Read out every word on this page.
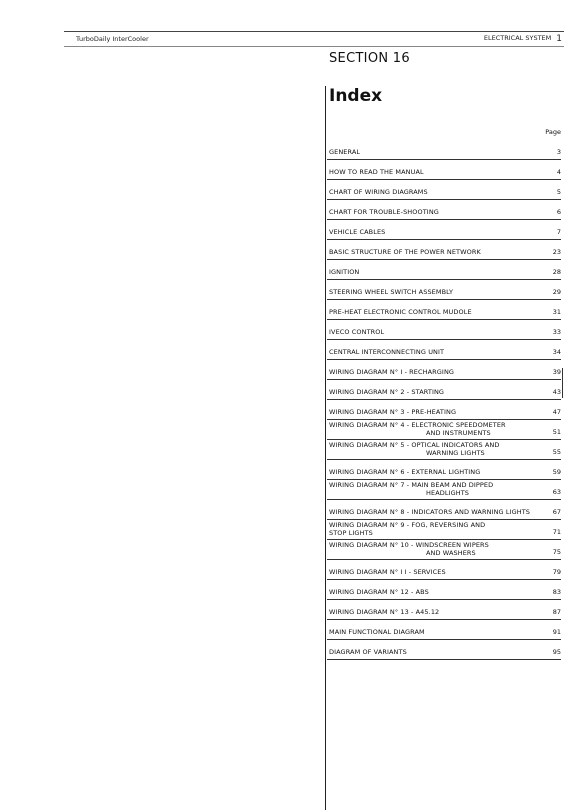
TurboDaily InterCooler	ELECTRICAL SYSTEM 1
SECTION 16
Index
Page
GENERAL	3
HOW TO READ THE MANUAL	4
CHART OF WIRING DIAGRAMS	5
CHART FOR TROUBLE-SHOOTING	6
VEHICLE CABLES	7
BASIC STRUCTURE OF THE POWER NETWORK	23
IGNITION	28
STEERING WHEEL SWITCH ASSEMBLY	29
PRE-HEAT ELECTRONIC CONTROL MUDOLE	31
IVECO CONTROL	33
CENTRAL INTERCONNECTING UNIT	34
WIRING DIAGRAM N° I - RECHARGING	39
WIRING DIAGRAM N° 2 - STARTING	43
WIRING DIAGRAM N° 3 - PRE-HEATING	47
WIRING DIAGRAM N° 4 - ELECTRONIC SPEEDOMETER
AND INSTRUMENTS	51
WIRING DIAGRAM N° 5 - OPTICAL INDICATORS AND
WARNING LIGHTS	55
WIRING DIAGRAM N° 6 - EXTERNAL LIGHTING	59
WIRING DIAGRAM N° 7 - MAIN BEAM AND DIPPED
HEADLIGHTS	63
WIRING DIAGRAM N° 8 - INDICATORS AND WARNING LIGHTS	67
WIRING DIAGRAM N° 9 - FOG, REVERSING AND
STOP LIGHTS	71
WIRING DIAGRAM N° 10 - WINDSCREEN WIPERS
AND WASHERS	75
WIRING DIAGRAM N° I I - SERVICES	79
WIRING DIAGRAM N° 12 - ABS	83
WIRING DIAGRAM N° 13 - A45.12	87
MAIN FUNCTIONAL DIAGRAM	91
DIAGRAM OF VARIANTS	95
